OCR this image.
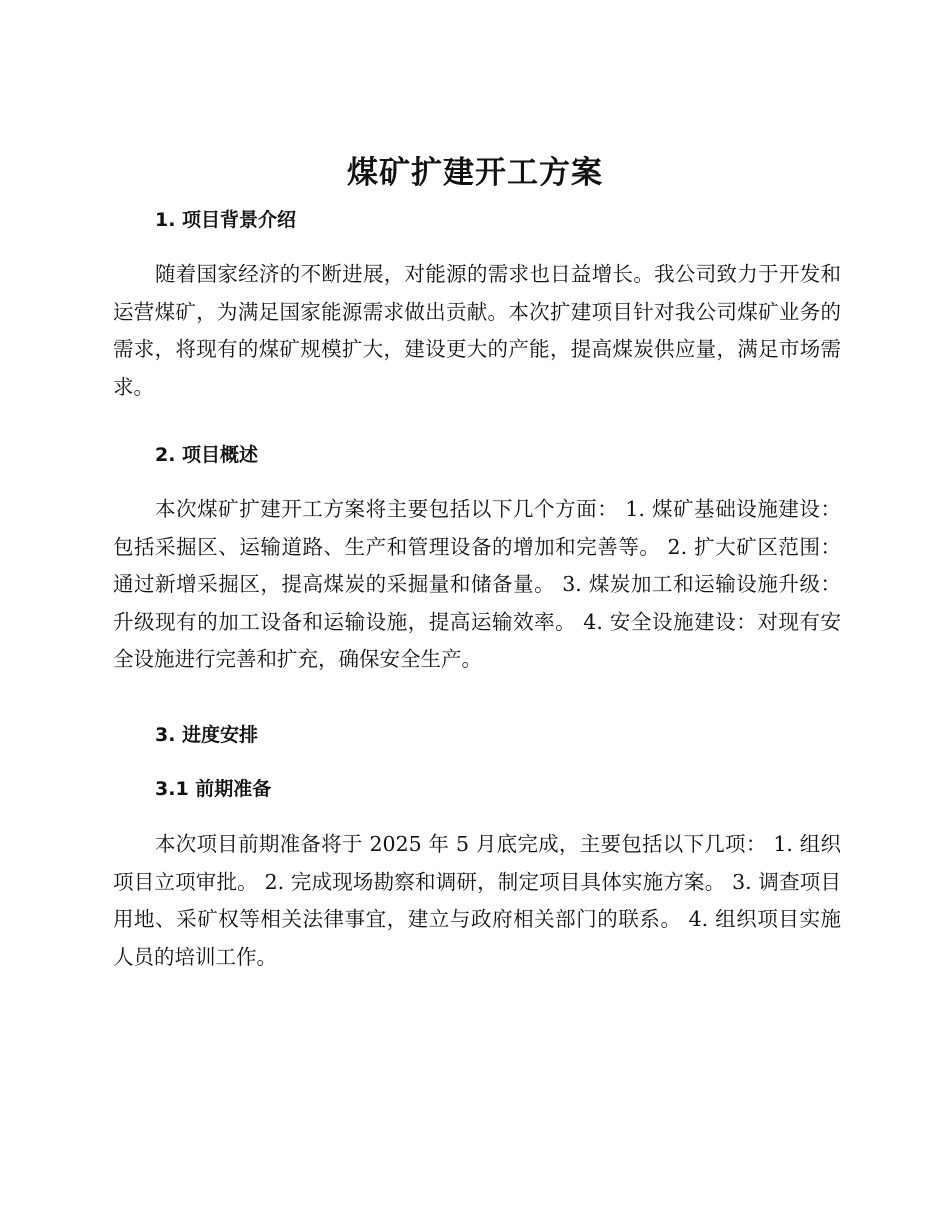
煤矿扩建开工方案
1. 项目背景介绍

随着国家经济的不断进展，对能源的需求也日益增长。我公司致力于开发和运营煤矿，为满足国家能源需求做出贡献。本次扩建项目针对我公司煤矿业务的需求，将现有的煤矿规模扩大，建设更大的产能，提高煤炭供应量，满足市场需求。

2. 项目概述

本次煤矿扩建开工方案将主要包括以下几个方面： 1. 煤矿基础设施建设：包括采掘区、运输道路、生产和管理设备的增加和完善等。 2. 扩大矿区范围：通过新增采掘区，提高煤炭的采掘量和储备量。 3. 煤炭加工和运输设施升级：升级现有的加工设备和运输设施，提高运输效率。 4. 安全设施建设：对现有安全设施进行完善和扩充，确保安全生产。

3. 进度安排
3.1 前期准备

本次项目前期准备将于 2025 年 5 月底完成，主要包括以下几项： 1. 组织项目立项审批。 2. 完成现场勘察和调研，制定项目具体实施方案。 3. 调查项目用地、采矿权等相关法律事宜，建立与政府相关部门的联系。 4. 组织项目实施人员的培训工作。
